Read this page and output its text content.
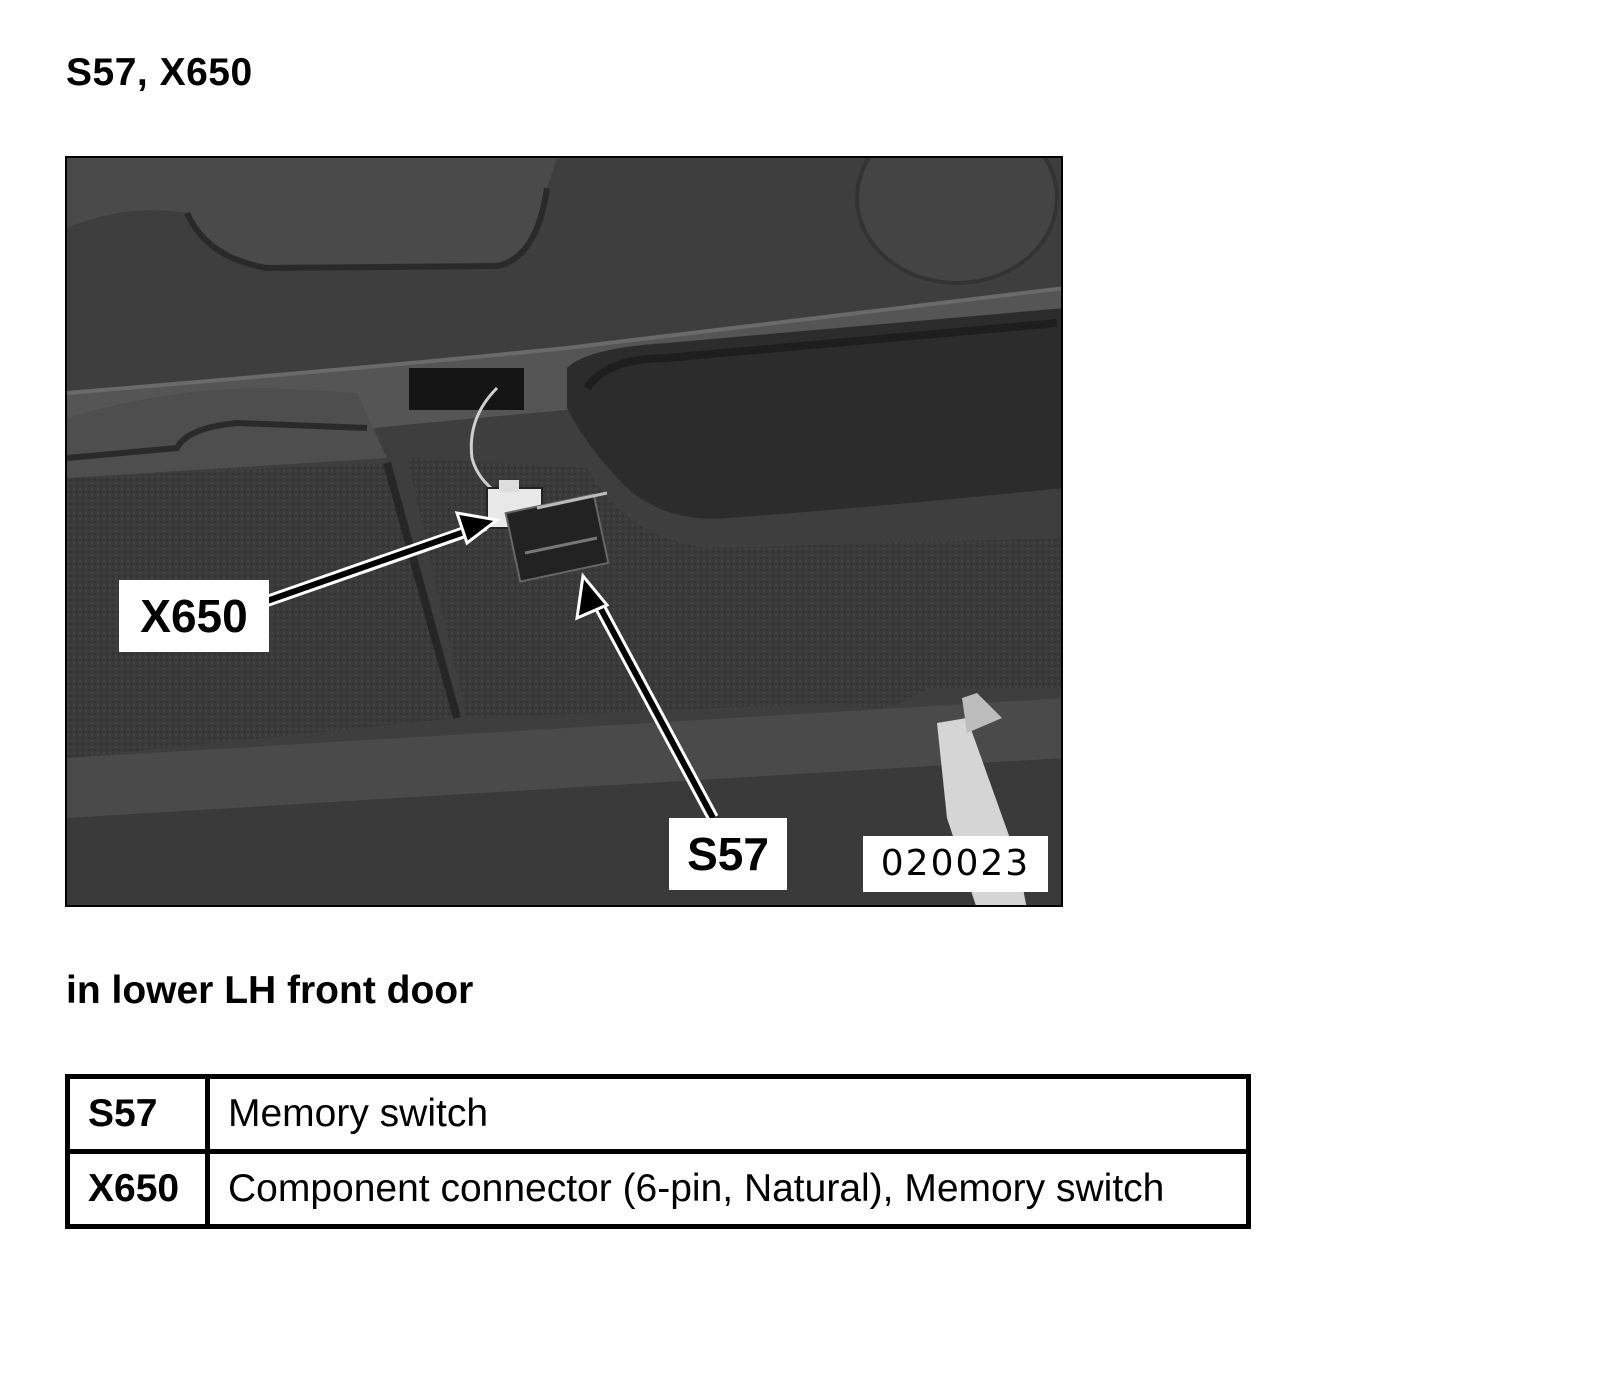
S57, X650
X650
S57	020023
in lower LH front door
S57	Memory switch
X650	Component connector (6-pin, Natural), Memory switch
